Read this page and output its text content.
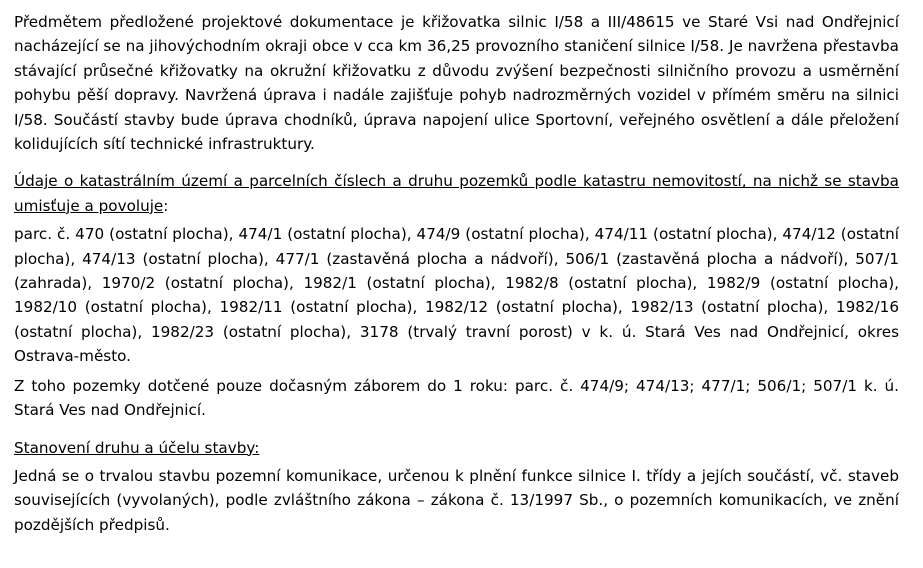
Předmětem předložené projektové dokumentace je křižovatka silnic I/58 a III/48615 ve Staré Vsi nad Ondřejnicí nacházející se na jihovýchodním okraji obce v cca km 36,25 provozního staničení silnice I/58. Je navržena přestavba stávající průsečné křižovatky na okružní křižovatku z důvodu zvýšení bezpečnosti silničního provozu a usměrnění pohybu pěší dopravy. Navržená úprava i nadále zajišťuje pohyb nadrozměrných vozidel v přímém směru na silnici I/58. Součástí stavby bude úprava chodníků, úprava napojení ulice Sportovní, veřejného osvětlení a dále přeložení kolidujících sítí technické infrastruktury.

Údaje o katastrálním území a parcelních číslech a druhu pozemků podle katastru nemovitostí, na nichž se stavba umisťuje a povoluje:

parc. č. 470 (ostatní plocha), 474/1 (ostatní plocha), 474/9 (ostatní plocha), 474/11 (ostatní plocha), 474/12 (ostatní plocha), 474/13 (ostatní plocha), 477/1 (zastavěná plocha a nádvoří), 506/1 (zastavěná plocha a nádvoří), 507/1 (zahrada), 1970/2 (ostatní plocha), 1982/1 (ostatní plocha), 1982/8 (ostatní plocha), 1982/9 (ostatní plocha), 1982/10 (ostatní plocha), 1982/11 (ostatní plocha), 1982/12 (ostatní plocha), 1982/13 (ostatní plocha), 1982/16 (ostatní plocha), 1982/23 (ostatní plocha), 3178 (trvalý travní porost) v k. ú. Stará Ves nad Ondřejnicí, okres Ostrava-město.

Z toho pozemky dotčené pouze dočasným záborem do 1 roku: parc. č. 474/9; 474/13; 477/1; 506/1; 507/1 k. ú. Stará Ves nad Ondřejnicí.

Stanovení druhu a účelu stavby:

Jedná se o trvalou stavbu pozemní komunikace, určenou k plnění funkce silnice I. třídy a jejích součástí, vč. staveb souvisejících (vyvolaných), podle zvláštního zákona – zákona č. 13/1997 Sb., o pozemních komunikacích, ve znění pozdějších předpisů.
